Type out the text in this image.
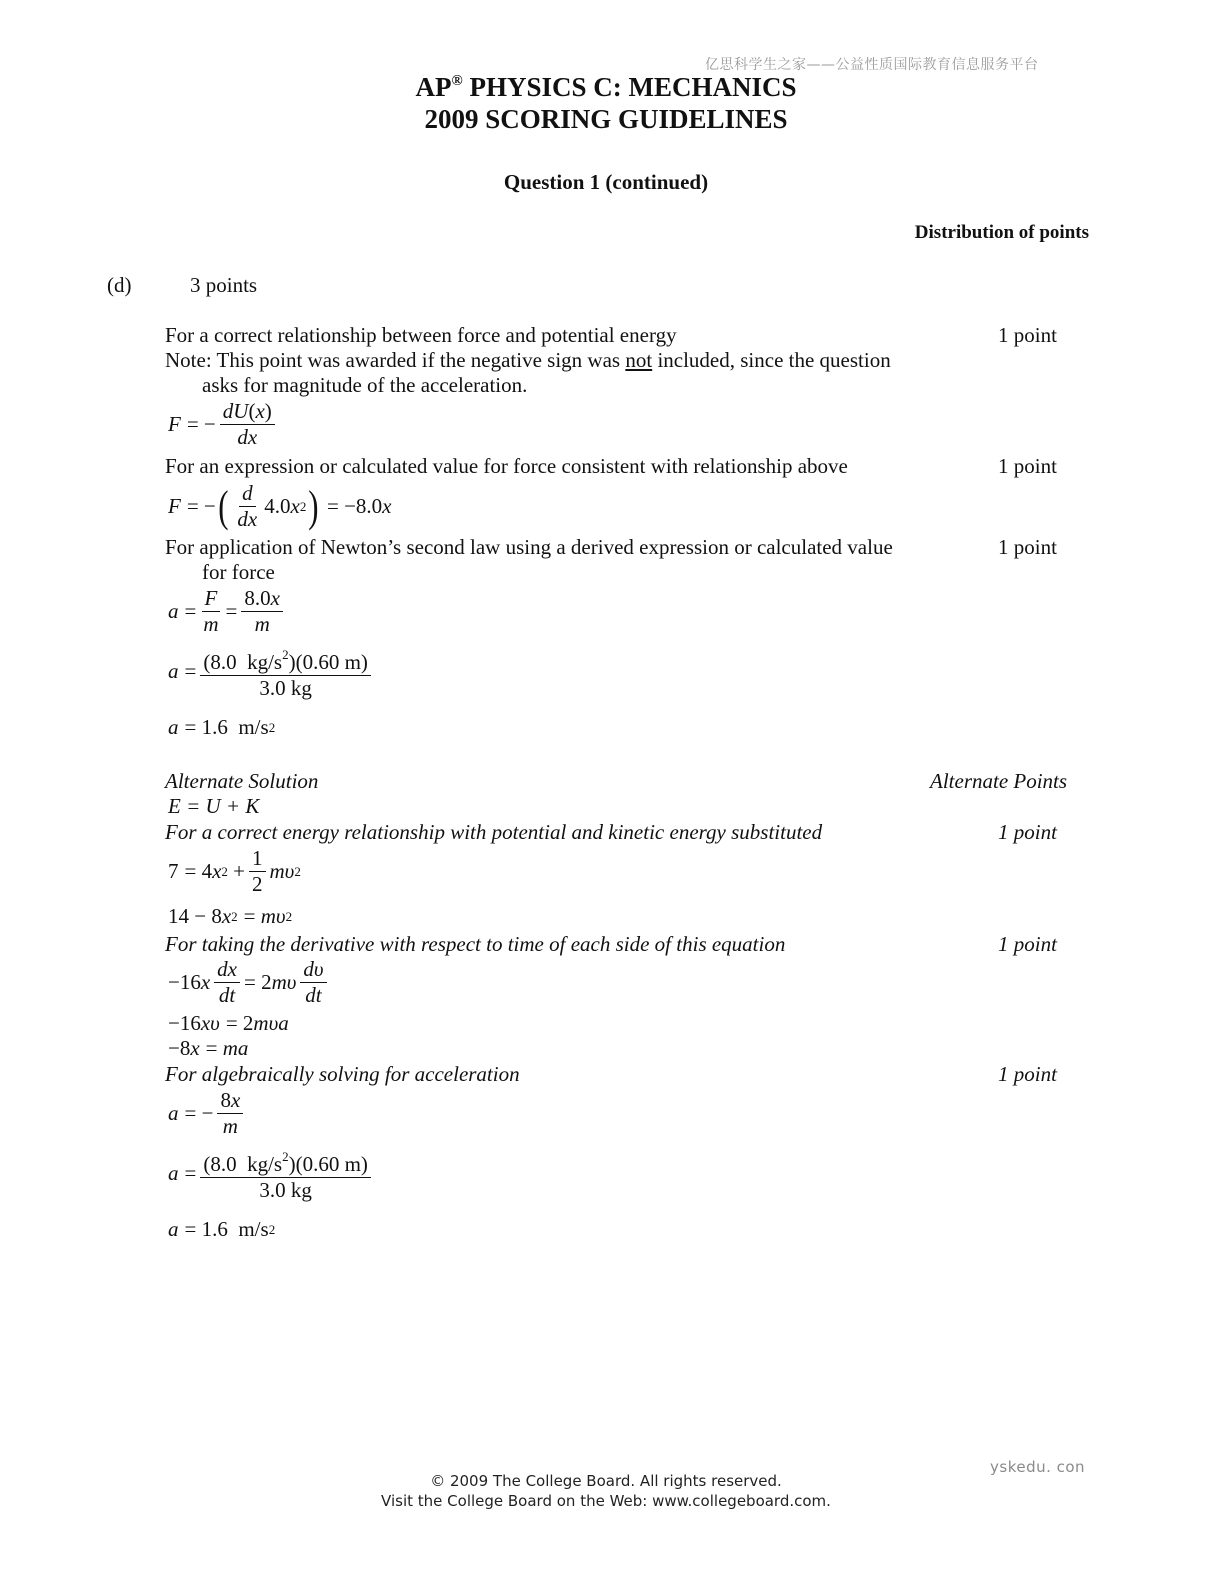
亿思科学生之家——公益性质国际教育信息服务平台
AP® PHYSICS C: MECHANICS
2009 SCORING GUIDELINES
Question 1 (continued)
Distribution of points
(d)	3 points
For a correct relationship between force and potential energy	1 point
Note: This point was awarded if the negative sign was not included, since the question
asks for magnitude of the acceleration.
F = − $\frac{dU(x)}{dx}$
For an expression or calculated value for force consistent with relationship above	1 point
F = − ( $\frac{d}{dx} 4.0$ x 2 ) = −8.0 x
For application of Newton’s second law using a derived expression or calculated value	1 point
for force
$a = \frac{F}{m} = \frac{8.0x}{m}$
$a = \frac{(8.0 kg/s^2)(0.60 m)}{3.0 kg}$
a = 1.6  m/s 2
Alternate Solution	Alternate Points
E = U + K
For a correct energy relationship with potential and kinetic energy substituted	1 point
7 = 4 x $2 + \frac{1}{2}$ mυ 2
14 − 8 x 2 = mυ 2
For taking the derivative with respect to time of each side of this equation	1 point
−16 x $\frac{dx}{dt} = 2$ mυ $\frac{d\upsilon}{dt}$
−16 xυ = 2 mυa
−8 x = ma
For algebraically solving for acceleration	1 point
a = − $\frac{8x}{m}$
$a = \frac{(8.0 kg/s^2)(0.60 m)}{3.0 kg}$
a = 1.6  m/s 2
yskedu. con
© 2009 The College Board. All rights reserved.
Visit the College Board on the Web: www.collegeboard.com.
